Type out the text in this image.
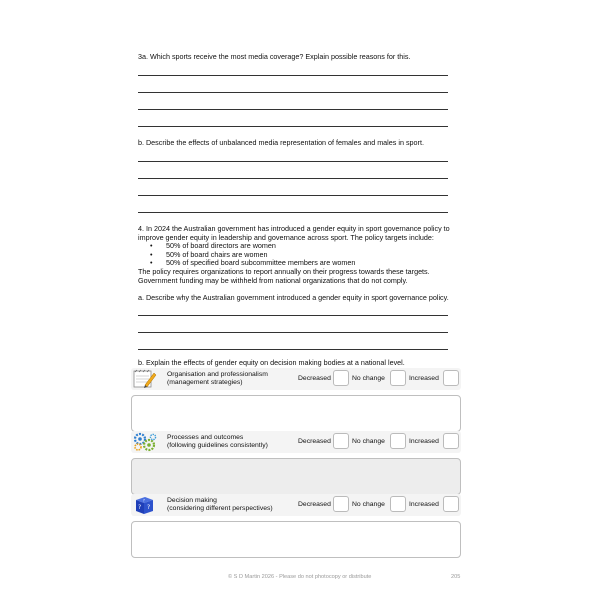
3a. Which sports receive the most media coverage? Explain possible reasons for this.
b. Describe the effects of unbalanced media representation of females and males in sport.
4. In 2024 the Australian government has introduced a gender equity in sport governance policy to improve gender equity in leadership and governance across sport. The policy targets include:
• 50% of board directors are women
• 50% of board chairs are women
• 50% of specified board subcommittee members are women
The policy requires organizations to report annually on their progress towards these targets.
Government funding may be withheld from national organizations that do not comply.
a. Describe why the Australian government introduced a gender equity in sport governance policy.
b. Explain the effects of gender equity on decision making bodies at a national level.
Organisation and professionalism
(management strategies)
Decreased	No change	Increased
Processes and outcomes
(following guidelines consistently)
Decreased	No change	Increased
? ?
?	Decision making
(considering different perspectives)
Decreased	No change	Increased
© S D Martin 2026 - Please do not photocopy or distribute	205
